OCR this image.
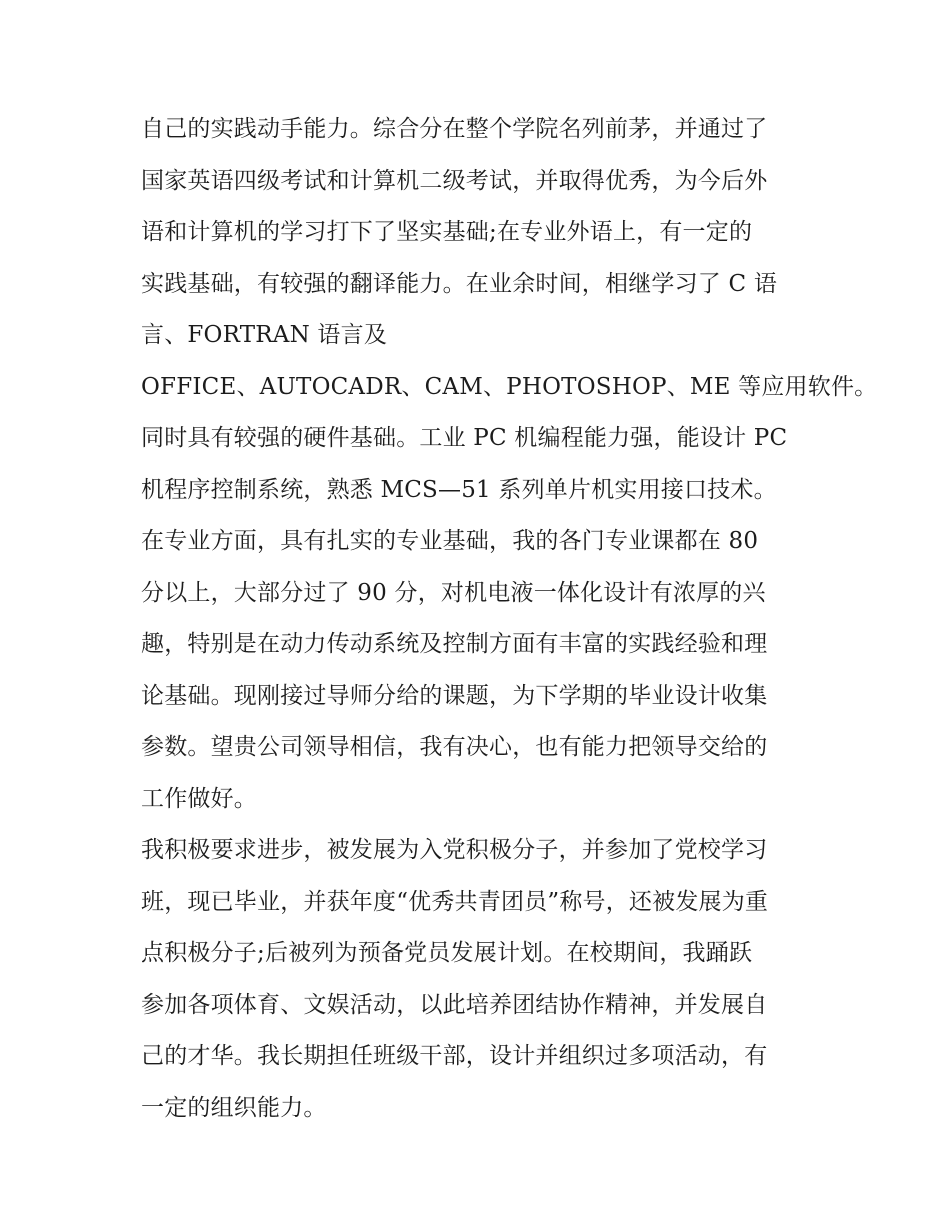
自己的实践动手能力。综合分在整个学院名列前茅，并通过了
国家英语四级考试和计算机二级考试，并取得优秀，为今后外
语和计算机的学习打下了坚实基础;在专业外语上，有一定的
实践基础，有较强的翻译能力。在业余时间，相继学习了 C 语
言、FORTRAN 语言及
OFFICE、AUTOCADR、CAM、PHOTOSHOP、ME 等应用软件。
同时具有较强的硬件基础。工业 PC 机编程能力强，能设计 PC
机程序控制系统，熟悉 MCS—51 系列单片机实用接口技术。
在专业方面，具有扎实的专业基础，我的各门专业课都在 80
分以上，大部分过了 90 分，对机电液一体化设计有浓厚的兴
趣，特别是在动力传动系统及控制方面有丰富的实践经验和理
论基础。现刚接过导师分给的课题，为下学期的毕业设计收集
参数。望贵公司领导相信，我有决心，也有能力把领导交给的
工作做好。
我积极要求进步，被发展为入党积极分子，并参加了党校学习
班，现已毕业，并获年度“优秀共青团员”称号，还被发展为重
点积极分子;后被列为预备党员发展计划。在校期间，我踊跃
参加各项体育、文娱活动，以此培养团结协作精神，并发展自
己的才华。我长期担任班级干部，设计并组织过多项活动，有
一定的组织能力。
